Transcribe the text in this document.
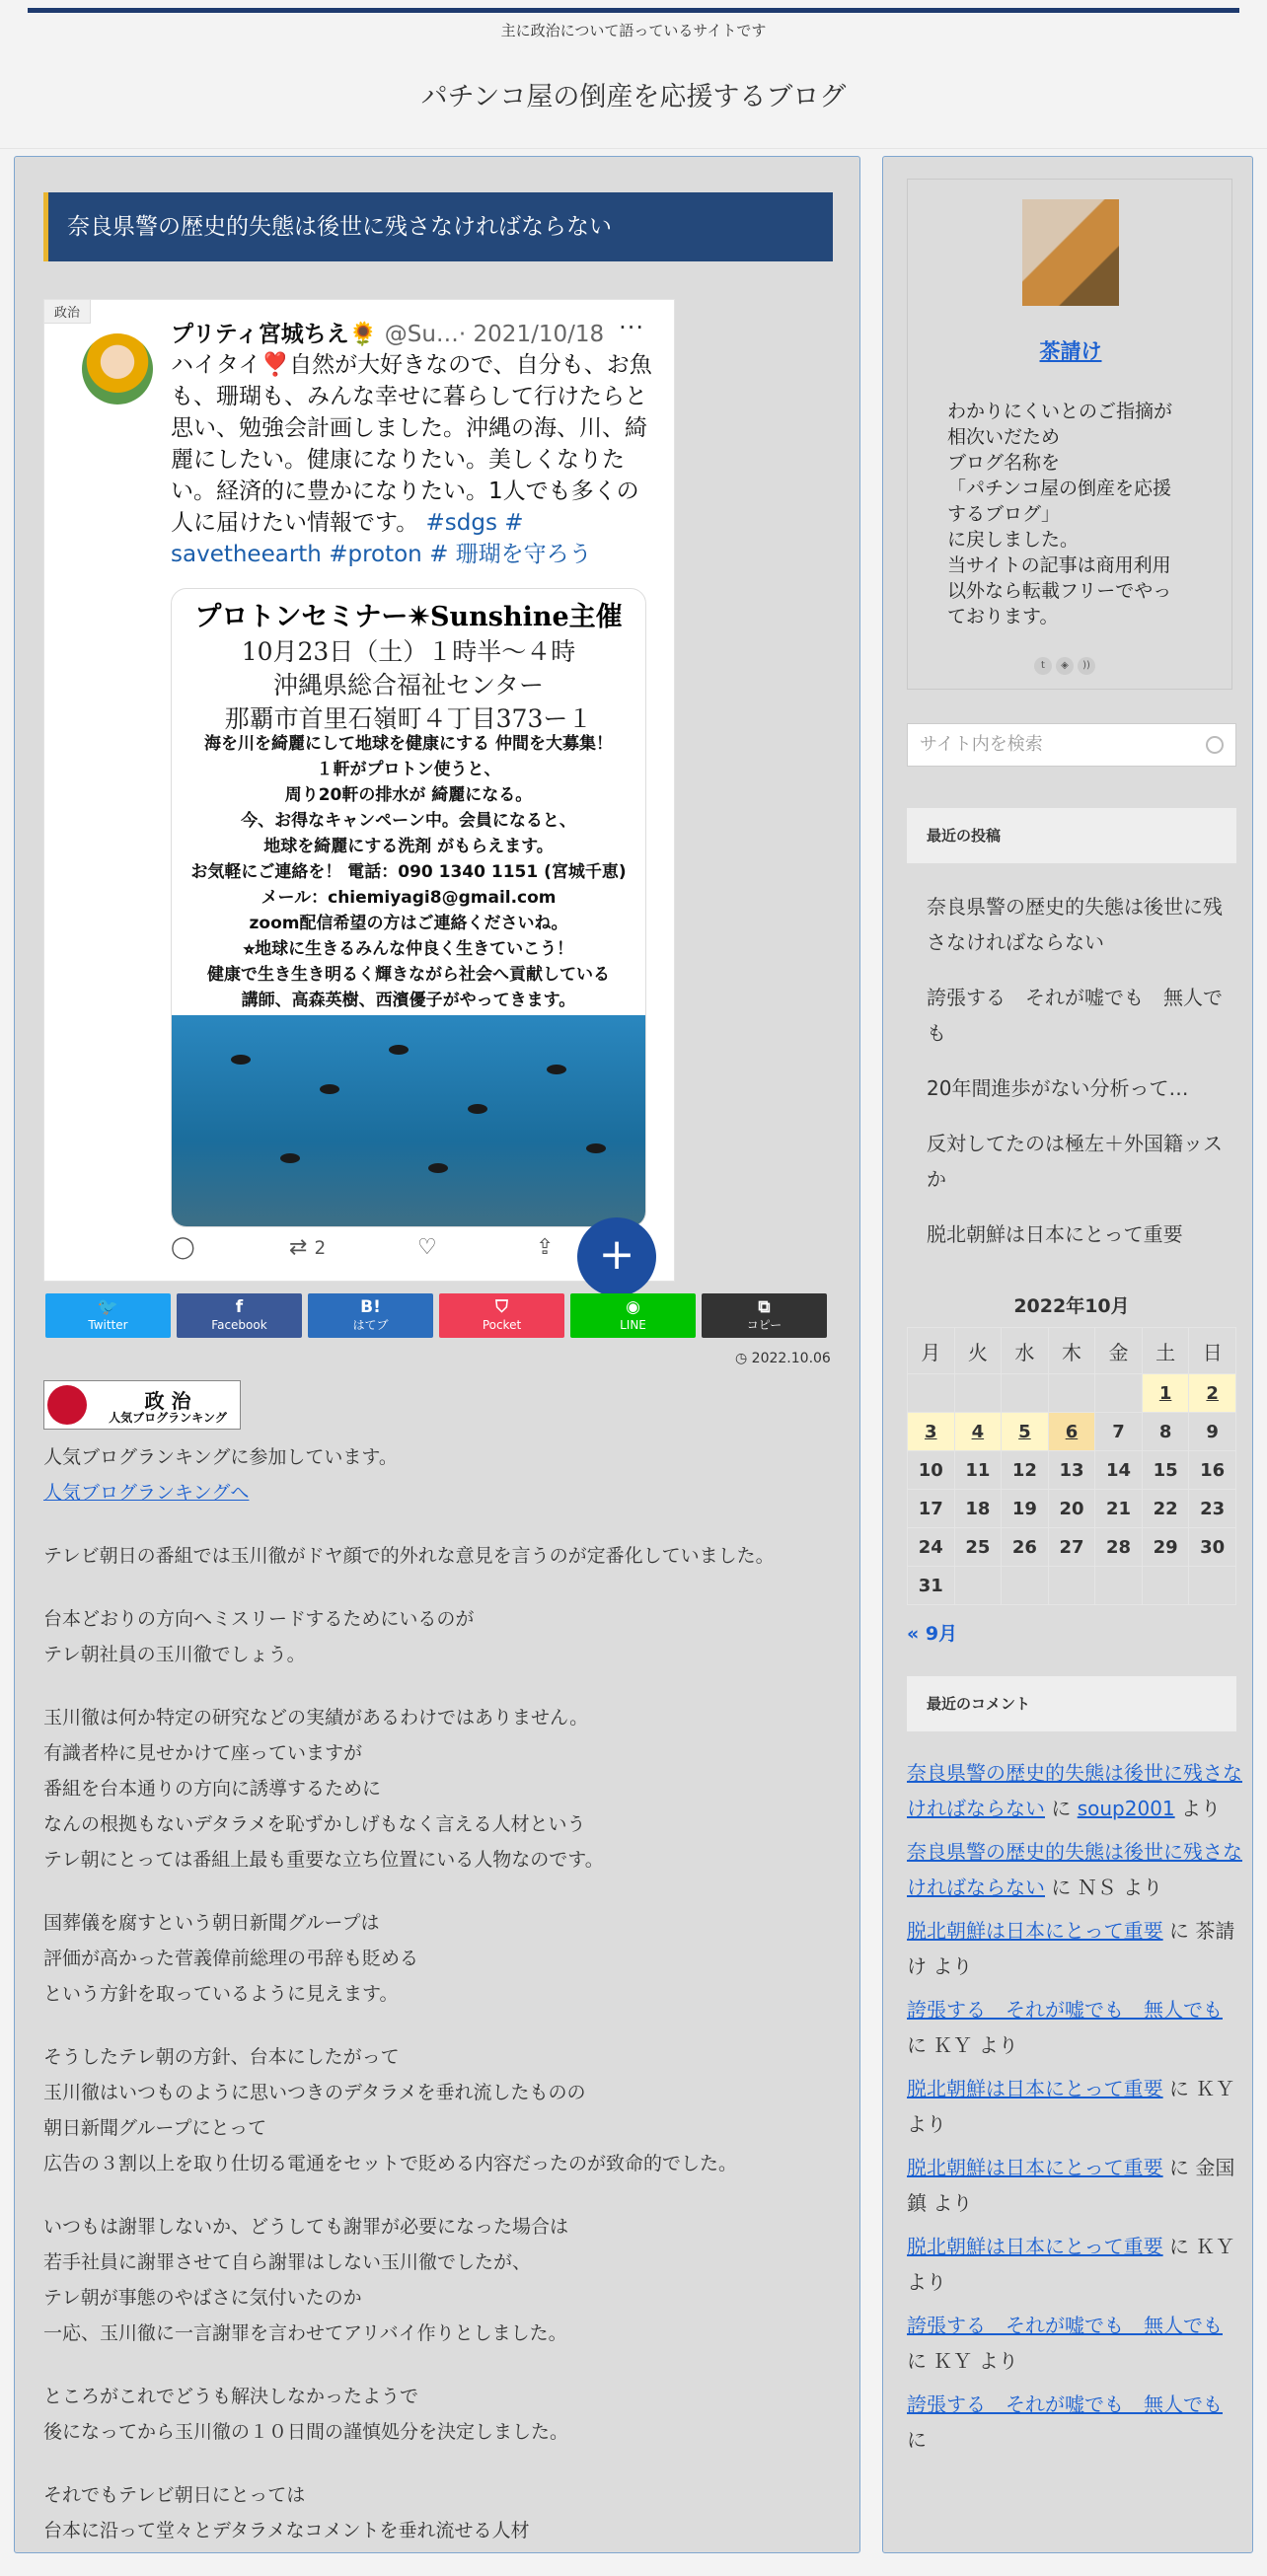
主に政治について語っているサイトです
パチンコ屋の倒産を応援するブログ
奈良県警の歴史的失態は後世に残さなければならない
政治
プリティ宮城ちえ🌻 @Su…· 2021/10/18 ···
ハイタイ❣️自然が大好きなので、自分も、お魚も、珊瑚も、みんな幸せに暮らして行けたらと思い、勉強会計画しました。沖縄の海、川、綺麗にしたい。健康になりたい。美しくなりたい。経済的に豊かになりたい。1人でも多くの人に届けたい情報です。 #sdgs # savetheearth #proton # 珊瑚を守ろう
プロトンセミナー✴︎Sunshine主催
10月23日（土）１時半〜４時
沖縄県総合福祉センター
那覇市首里石嶺町４丁目373ー１
海を川を綺麗にして地球を健康にする 仲間を大募集！
１軒がプロトン使うと、
周り20軒の排水が 綺麗になる。
今、お得なキャンペーン中。会員になると、
地球を綺麗にする洗剤 がもらえます。
お気軽にご連絡を！ 電話：090 1340 1151 (宮城千恵)
メール：chiemiyagi8@gmail.com
zoom配信希望の方はご連絡くださいね。
⭐︎地球に生きるみんな仲良く生きていこう！
健康で生き生き明るく輝きながら社会へ貢献している
講師、高森英樹、西濱優子がやってきます。
◯	⇄ 2	♡	⇪	+
🐦
Twitter
f
Facebook
B!
はてブ
⛉
Pocket
◉
LINE
⧉
コピー
◷ 2022.10.06
政 治
人気ブログランキング

人気ブログランキングに参加しています。
人気ブログランキングへ

テレビ朝日の番組では玉川徹がドヤ顔で的外れな意見を言うのが定番化していました。

台本どおりの方向へミスリードするためにいるのが
テレ朝社員の玉川徹でしょう。

玉川徹は何か特定の研究などの実績があるわけではありません。
有識者枠に見せかけて座っていますが
番組を台本通りの方向に誘導するために
なんの根拠もないデタラメを恥ずかしげもなく言える人材という
テレ朝にとっては番組上最も重要な立ち位置にいる人物なのです。

国葬儀を腐すという朝日新聞グループは
評価が高かった菅義偉前総理の弔辞も貶める
という方針を取っているように見えます。

そうしたテレ朝の方針、台本にしたがって
玉川徹はいつものように思いつきのデタラメを垂れ流したものの
朝日新聞グループにとって
広告の３割以上を取り仕切る電通をセットで貶める内容だったのが致命的でした。

いつもは謝罪しないか、どうしても謝罪が必要になった場合は
若手社員に謝罪させて自ら謝罪はしない玉川徹でしたが、
テレ朝が事態のやばさに気付いたのか
一応、玉川徹に一言謝罪を言わせてアリバイ作りとしました。

ところがこれでどうも解決しなかったようで
後になってから玉川徹の１０日間の謹慎処分を決定しました。

それでもテレビ朝日にとっては
台本に沿って堂々とデタラメなコメントを垂れ流せる人材

茶請け
わかりにくいとのご指摘が
相次いだため
ブログ名称を
「パチンコ屋の倒産を応援
するブログ」
に戻しました。
当サイトの記事は商用利用
以外なら転載フリーでやっ
ております。
t ◈ ))
サイト内を検索
最近の投稿
奈良県警の歴史的失態は後世に残さなければならない
誇張する　それが嘘でも　無人でも
20年間進歩がない分析って…
反対してたのは極左＋外国籍ッスか
脱北朝鮮は日本にとって重要
2022年10月
月	火	水	木	金	土	日
					1	2
3	4	5	6	7	8	9
10	11	12	13	14	15	16
17	18	19	20	21	22	23
24	25	26	27	28	29	30
31						
« 9月
最近のコメント
奈良県警の歴史的失態は後世に残さなければならない に soup2001 より
奈良県警の歴史的失態は後世に残さなければならない に ＮＳ より
脱北朝鮮は日本にとって重要 に 茶請け より
誇張する　それが嘘でも　無人でも に ＫＹ より
脱北朝鮮は日本にとって重要 に ＫＹ より
脱北朝鮮は日本にとって重要 に 金国鎮 より
脱北朝鮮は日本にとって重要 に ＫＹ より
誇張する　それが嘘でも　無人でも に ＫＹ より
誇張する　それが嘘でも　無人でも に
